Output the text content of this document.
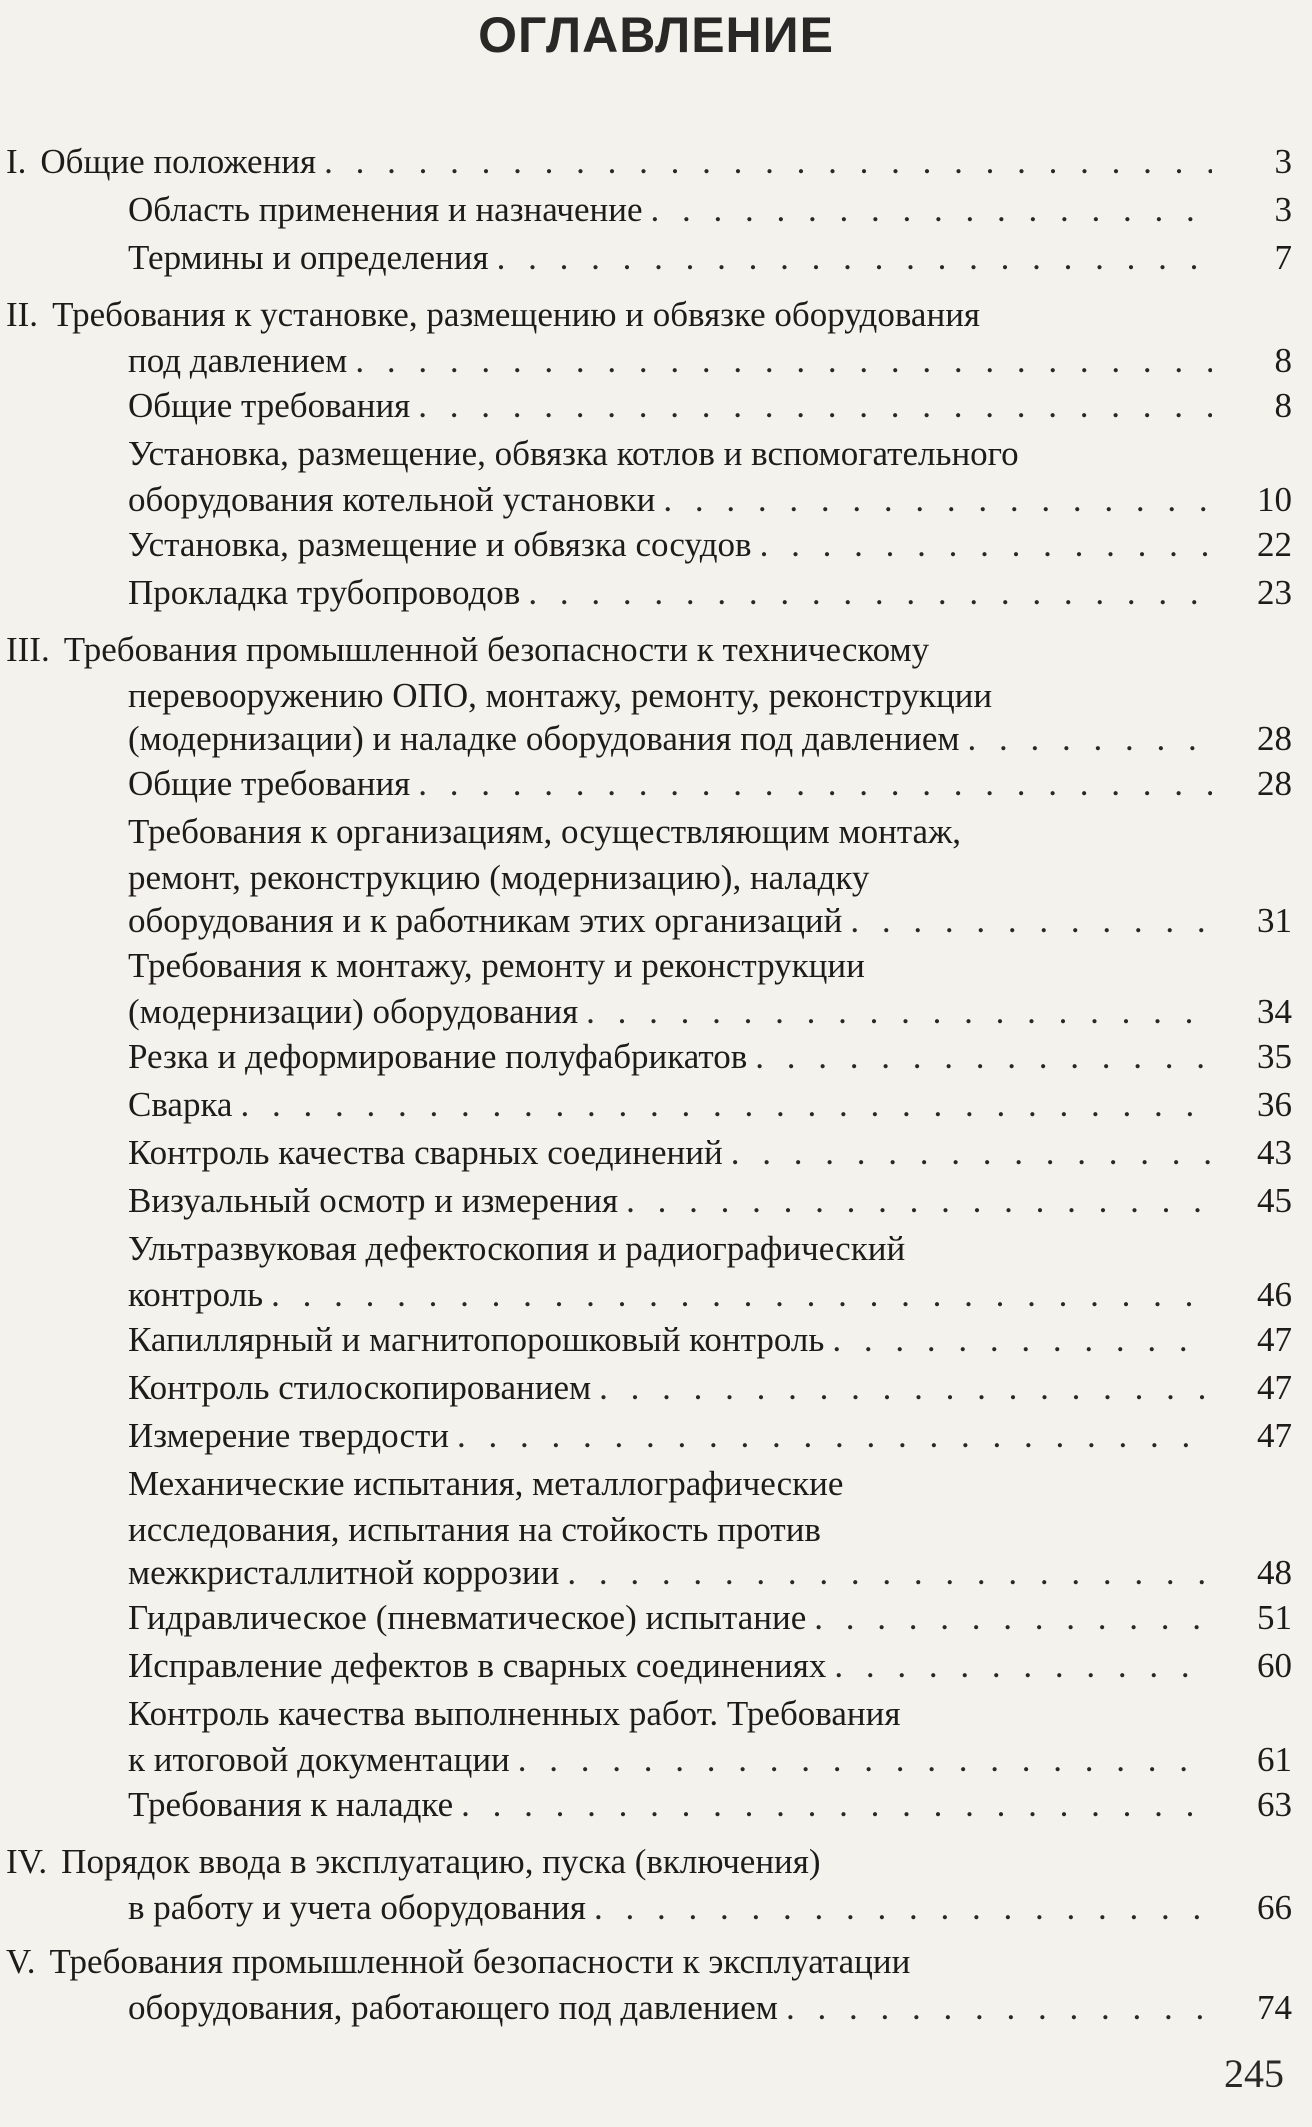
ОГЛАВЛЕНИЕ
I. Общие положения . . .	3
Область применения и назначение . . .	3
Термины и определения . . .	7
II. Требования к установке, размещению и обвязке оборудования
под давлением . . .	8
Общие требования . . .	8
Установка, размещение, обвязка котлов и вспомогательного
оборудования котельной установки . . .	10
Установка, размещение и обвязка сосудов . . .	22
Прокладка трубопроводов . . .	23
III. Требования промышленной безопасности к техническому
перевооружению ОПО, монтажу, ремонту, реконструкции
(модернизации) и наладке оборудования под давлением . . .	28
Общие требования . . .	28
Требования к организациям, осуществляющим монтаж,
ремонт, реконструкцию (модернизацию), наладку
оборудования и к работникам этих организаций . . .	31
Требования к монтажу, ремонту и реконструкции
(модернизации) оборудования . . .	34
Резка и деформирование полуфабрикатов . . .	35
Сварка . . .	36
Контроль качества сварных соединений . . .	43
Визуальный осмотр и измерения . . .	45
Ультразвуковая дефектоскопия и радиографический
контроль . . .	46
Капиллярный и магнитопорошковый контроль . . .	47
Контроль стилоскопированием . . .	47
Измерение твердости . . .	47
Механические испытания, металлографические
исследования, испытания на стойкость против
межкристаллитной коррозии . . .	48
Гидравлическое (пневматическое) испытание . . .	51
Исправление дефектов в сварных соединениях . . .	60
Контроль качества выполненных работ. Требования
к итоговой документации . . .	61
Требования к наладке . . .	63
IV. Порядок ввода в эксплуатацию, пуска (включения)
в работу и учета оборудования . . .	66
V. Требования промышленной безопасности к эксплуатации
оборудования, работающего под давлением . . .	74
245
